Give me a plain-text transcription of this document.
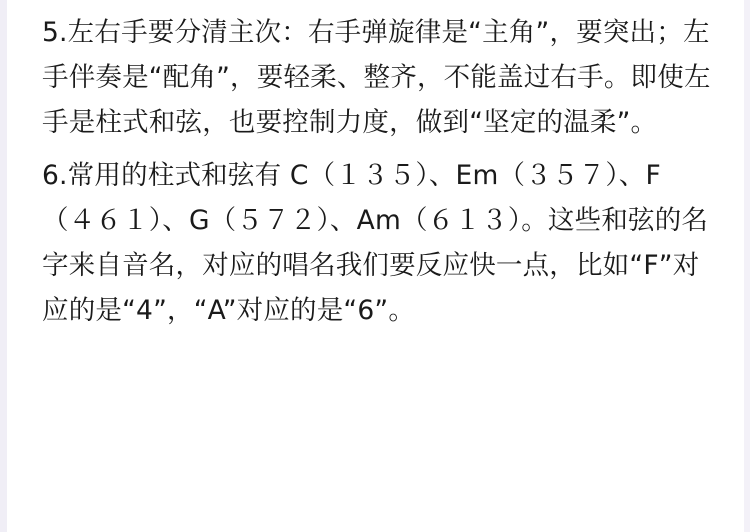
5.左右手要分清主次：右手弹旋律是“主角”，要突出；左手伴奏是“配角”，要轻柔、整齐，不能盖过右手。即使左手是柱式和弦，也要控制力度，做到“坚定的温柔”。
6.常用的柱式和弦有 C（１３５）、Em（３５７）、F（４６１）、G（５７２）、Am（６１３）。这些和弦的名字来自音名，对应的唱名我们要反应快一点，比如“F”对应的是“4”，“A”对应的是“6”。
